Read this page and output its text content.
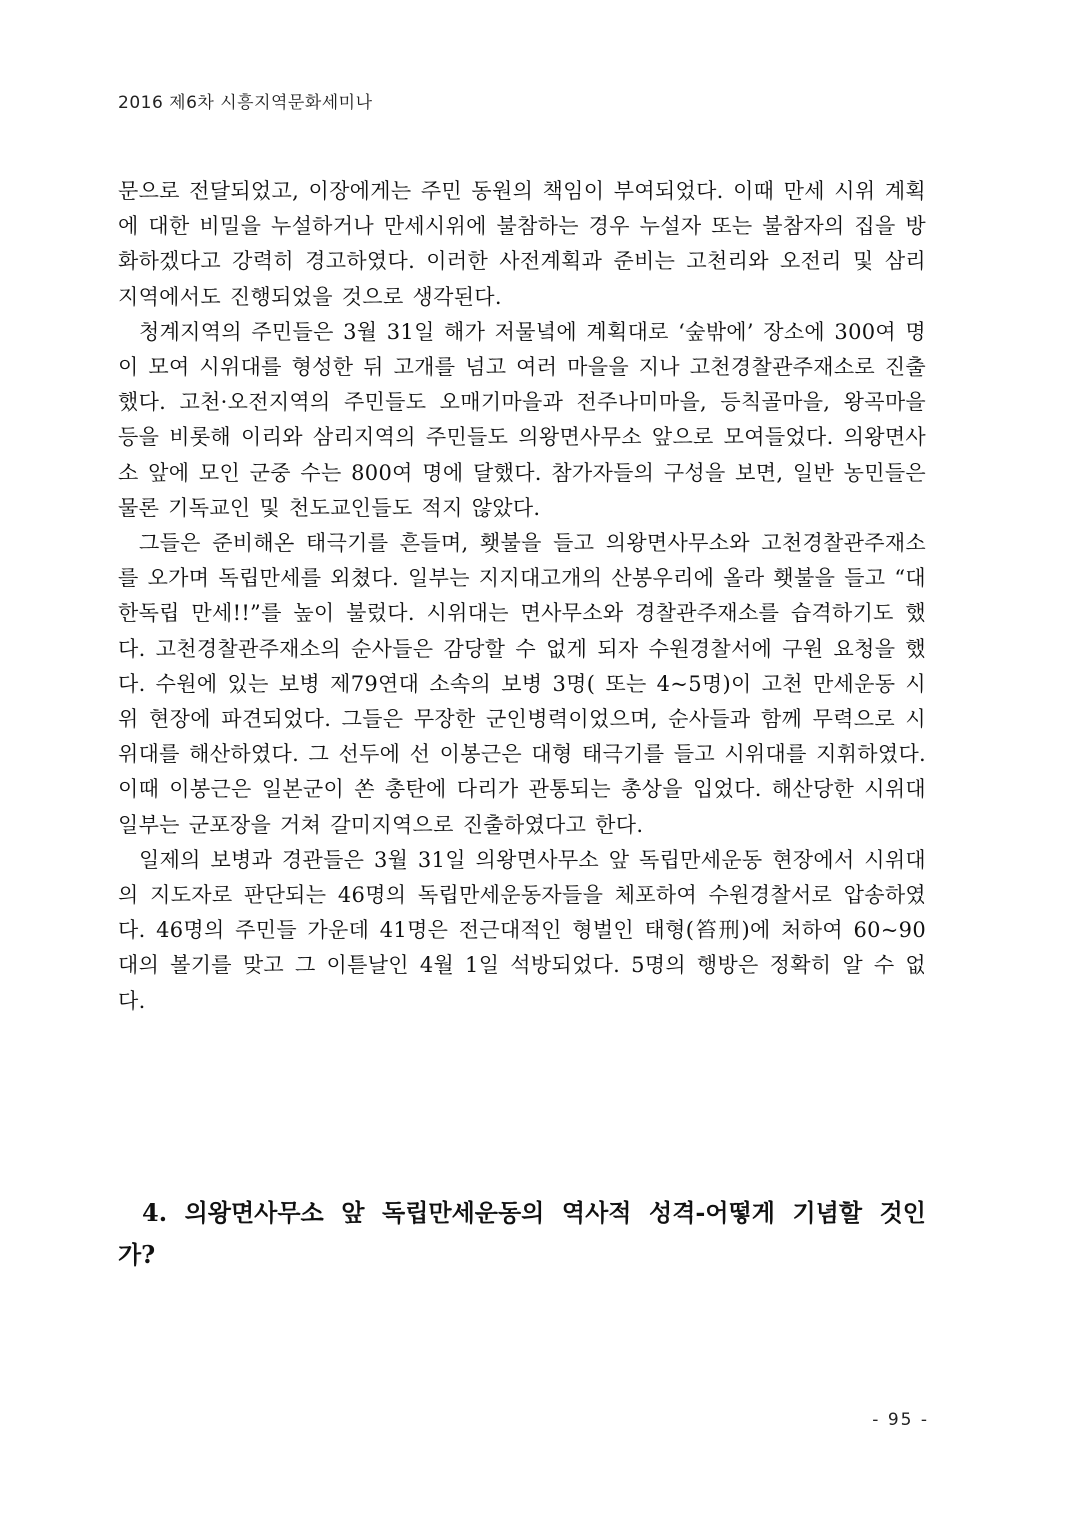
2016 제6차 시흥지역문화세미나

문으로 전달되었고, 이장에게는 주민 동원의 책임이 부여되었다. 이때 만세 시위 계획에 대한 비밀을 누설하거나 만세시위에 불참하는 경우 누설자 또는 불참자의 집을 방화하겠다고 강력히 경고하였다. 이러한 사전계획과 준비는 고천리와 오전리 및 삼리지역에서도 진행되었을 것으로 생각된다.

청계지역의 주민들은 3월 31일 해가 저물녘에 계획대로 ‘숲밖에’ 장소에 300여 명이 모여 시위대를 형성한 뒤 고개를 넘고 여러 마을을 지나 고천경찰관주재소로 진출했다. 고천·오전지역의 주민들도 오매기마을과 전주나미마을, 등칙골마을, 왕곡마을 등을 비롯해 이리와 삼리지역의 주민들도 의왕면사무소 앞으로 모여들었다. 의왕면사소 앞에 모인 군중 수는 800여 명에 달했다. 참가자들의 구성을 보면, 일반 농민들은 물론 기독교인 및 천도교인들도 적지 않았다.

그들은 준비해온 태극기를 흔들며, 횃불을 들고 의왕면사무소와 고천경찰관주재소를 오가며 독립만세를 외쳤다. 일부는 지지대고개의 산봉우리에 올라 횃불을 들고 “대한독립 만세!!”를 높이 불렀다. 시위대는 면사무소와 경찰관주재소를 습격하기도 했다. 고천경찰관주재소의 순사들은 감당할 수 없게 되자 수원경찰서에 구원 요청을 했다. 수원에 있는 보병 제79연대 소속의 보병 3명( 또는 4~5명)이 고천 만세운동 시위 현장에 파견되었다. 그들은 무장한 군인병력이었으며, 순사들과 함께 무력으로 시위대를 해산하였다. 그 선두에 선 이봉근은 대형 태극기를 들고 시위대를 지휘하였다. 이때 이봉근은 일본군이 쏜 총탄에 다리가 관통되는 총상을 입었다. 해산당한 시위대 일부는 군포장을 거쳐 갈미지역으로 진출하였다고 한다.

일제의 보병과 경관들은 3월 31일 의왕면사무소 앞 독립만세운동 현장에서 시위대의 지도자로 판단되는 46명의 독립만세운동자들을 체포하여 수원경찰서로 압송하였다. 46명의 주민들 가운데 41명은 전근대적인 형벌인 태형(笞刑)에 처하여 60~90대의 볼기를 맞고 그 이튿날인 4월 1일 석방되었다. 5명의 행방은 정확히 알 수 없다.

4. 의왕면사무소 앞 독립만세운동의 역사적 성격-어떻게 기념할 것인가?
- 95 -
